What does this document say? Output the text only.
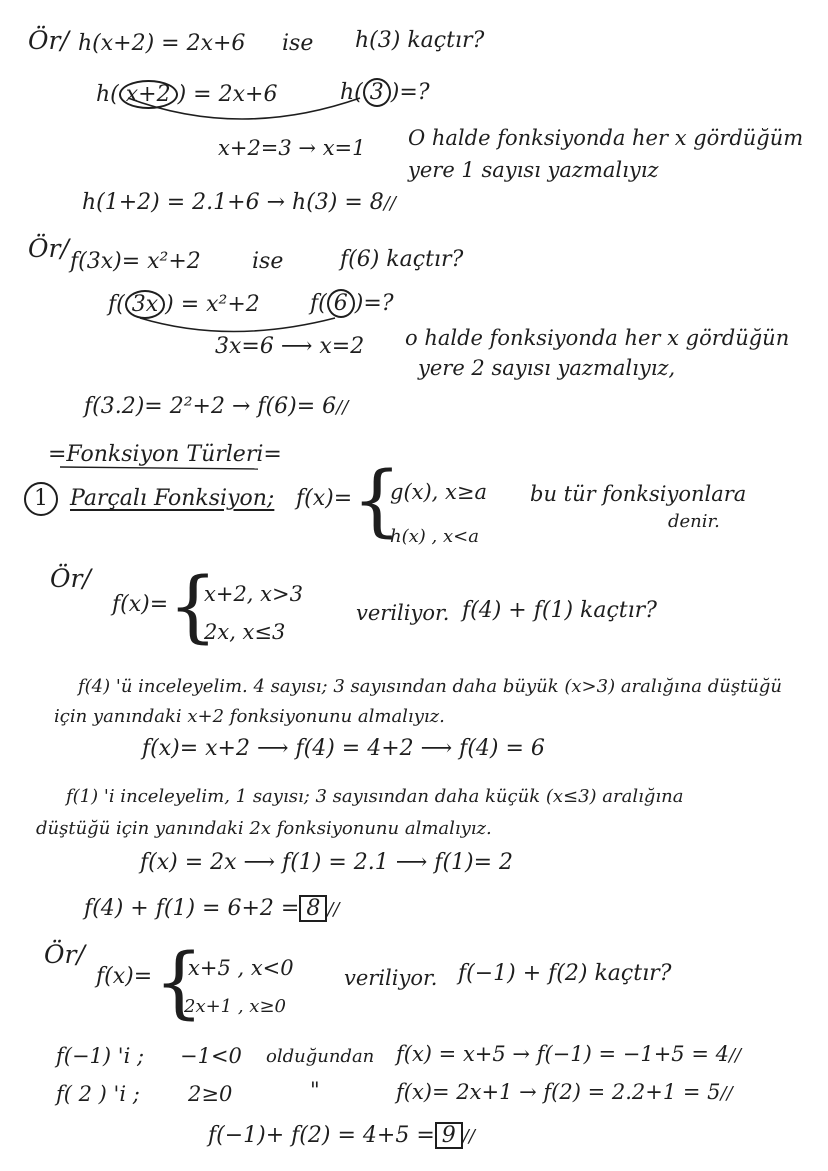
Ör/ h(x+2) = 2x+6 ise h(3) kaçtır?
h( x+2 ) = 2x+6	h( 3 )=?
x+2=3 → x=1 O halde fonksiyonda her x gördüğüm
yere 1 sayısı yazmalıyız
h(1+2) = 2.1+6 → h(3) = 8//
Ör/ f(3x)= x²+2 ise	f(6) kaçtır?
f( 3x ) = x²+2 f( 6 )=?
3x=6 ⟶ x=2 o halde fonksiyonda her x gördüğün
yere 2 sayısı yazmalıyız,
f(3.2)= 2²+2 → f(6)= 6//
=Fonksiyon Türleri=
1	Parçalı Fonksiyon; f(x)= {
g(x), x≥a
h(x) , x<a
bu tür fonksiyonlara
denir.
Ör/
f(x)= {
x+2, x>3
2x, x≤3
veriliyor. f(4) + f(1) kaçtır?
f(4) 'ü inceleyelim. 4 sayısı; 3 sayısından daha büyük (x>3) aralığına düştüğü
için yanındaki x+2 fonksiyonunu almalıyız.
f(x)= x+2 ⟶ f(4) = 4+2 ⟶ f(4) = 6
f(1) 'i inceleyelim, 1 sayısı; 3 sayısından daha küçük (x≤3) aralığına
düştüğü için yanındaki 2x fonksiyonunu almalıyız.
f(x) = 2x ⟶ f(1) = 2.1 ⟶ f(1)= 2
f(4) + f(1) = 6+2 = 8 //
Ör/
f(x)= {
x+5 , x<0
2x+1 , x≥0
veriliyor. f(−1) + f(2) kaçtır?
f(−1) 'i ; −1<0 olduğundan f(x) = x+5 → f(−1) = −1+5 = 4//
f( 2 ) 'i ; 2≥0	"	f(x)= 2x+1 → f(2) = 2.2+1 = 5//
f(−1)+ f(2) = 4+5 = 9 //
